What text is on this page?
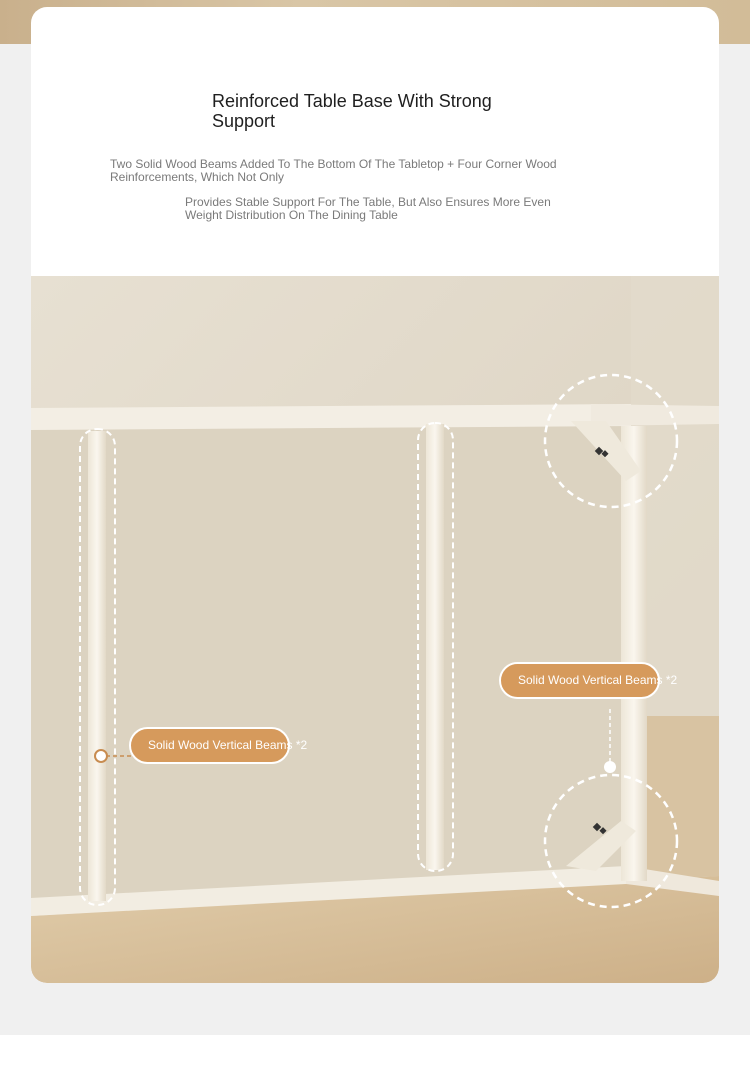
Reinforced Table Base With Strong Support

Two Solid Wood Beams Added To The Bottom Of The Tabletop + Four Corner Wood Reinforcements, Which Not Only

Provides Stable Support For The Table, But Also Ensures More Even Weight Distribution On The Dining Table

Solid Wood Vertical Beams *2
Solid Wood Vertical Beams *2
